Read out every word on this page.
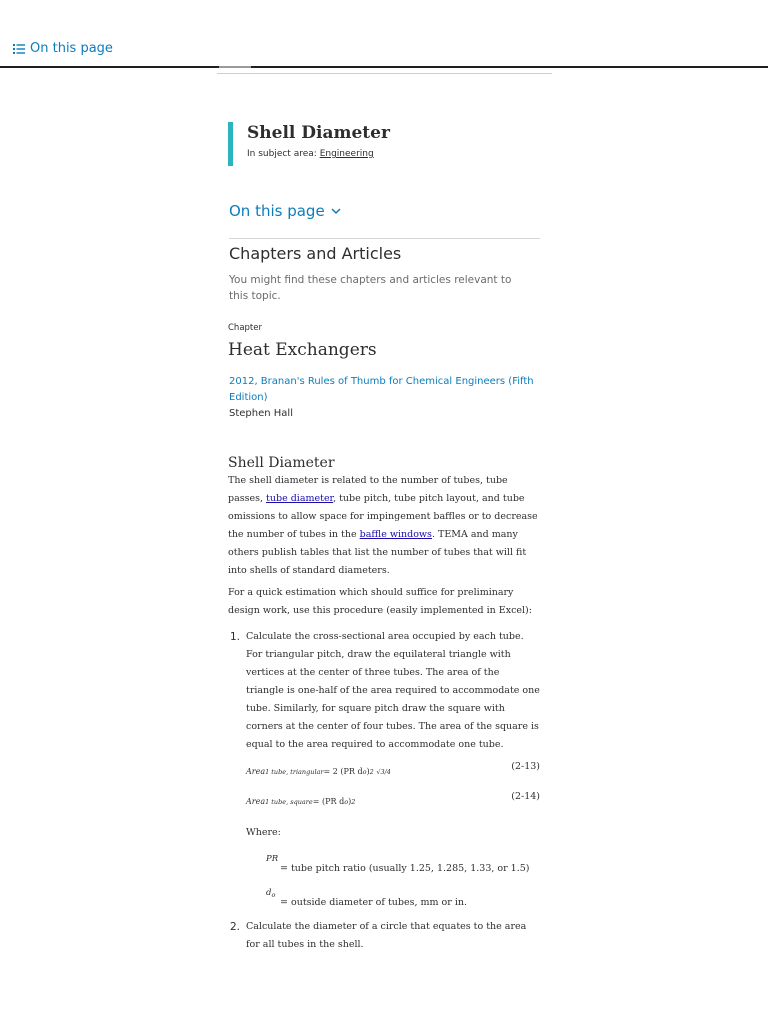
On this page
Shell Diameter
In subject area: Engineering
On this page
Chapters and Articles
You might find these chapters and articles relevant to this topic.
Chapter
Heat Exchangers
2012, Branan's Rules of Thumb for Chemical Engineers (Fifth Edition)
Stephen Hall
Shell Diameter

The shell diameter is related to the number of tubes, tube passes, tube diameter, tube pitch, tube pitch layout, and tube omissions to allow space for impingement baffles or to decrease the number of tubes in the baffle windows. TEMA and many others publish tables that list the number of tubes that will fit into shells of standard diameters.

For a quick estimation which should suffice for preliminary design work, use this procedure (easily implemented in Excel):

1. Calculate the cross-sectional area occupied by each tube. For triangular pitch, draw the equilateral triangle with vertices at the center of three tubes. The area of the triangle is one-half of the area required to accommodate one tube. Similarly, for square pitch draw the square with corners at the center of four tubes. The area of the square is equal to the area required to accommodate one tube.
Area 1 tube, triangular = 2 (PR d o ) 2
√3/4	(2-13)
Area 1 tube, square = (PR d o ) 2	(2-14)
Where:
PR
= tube pitch ratio (usually 1.25, 1.285, 1.33, or 1.5)
$d_o$
= outside diameter of tubes, mm or in.
2. Calculate the diameter of a circle that equates to the area for all tubes in the shell.
